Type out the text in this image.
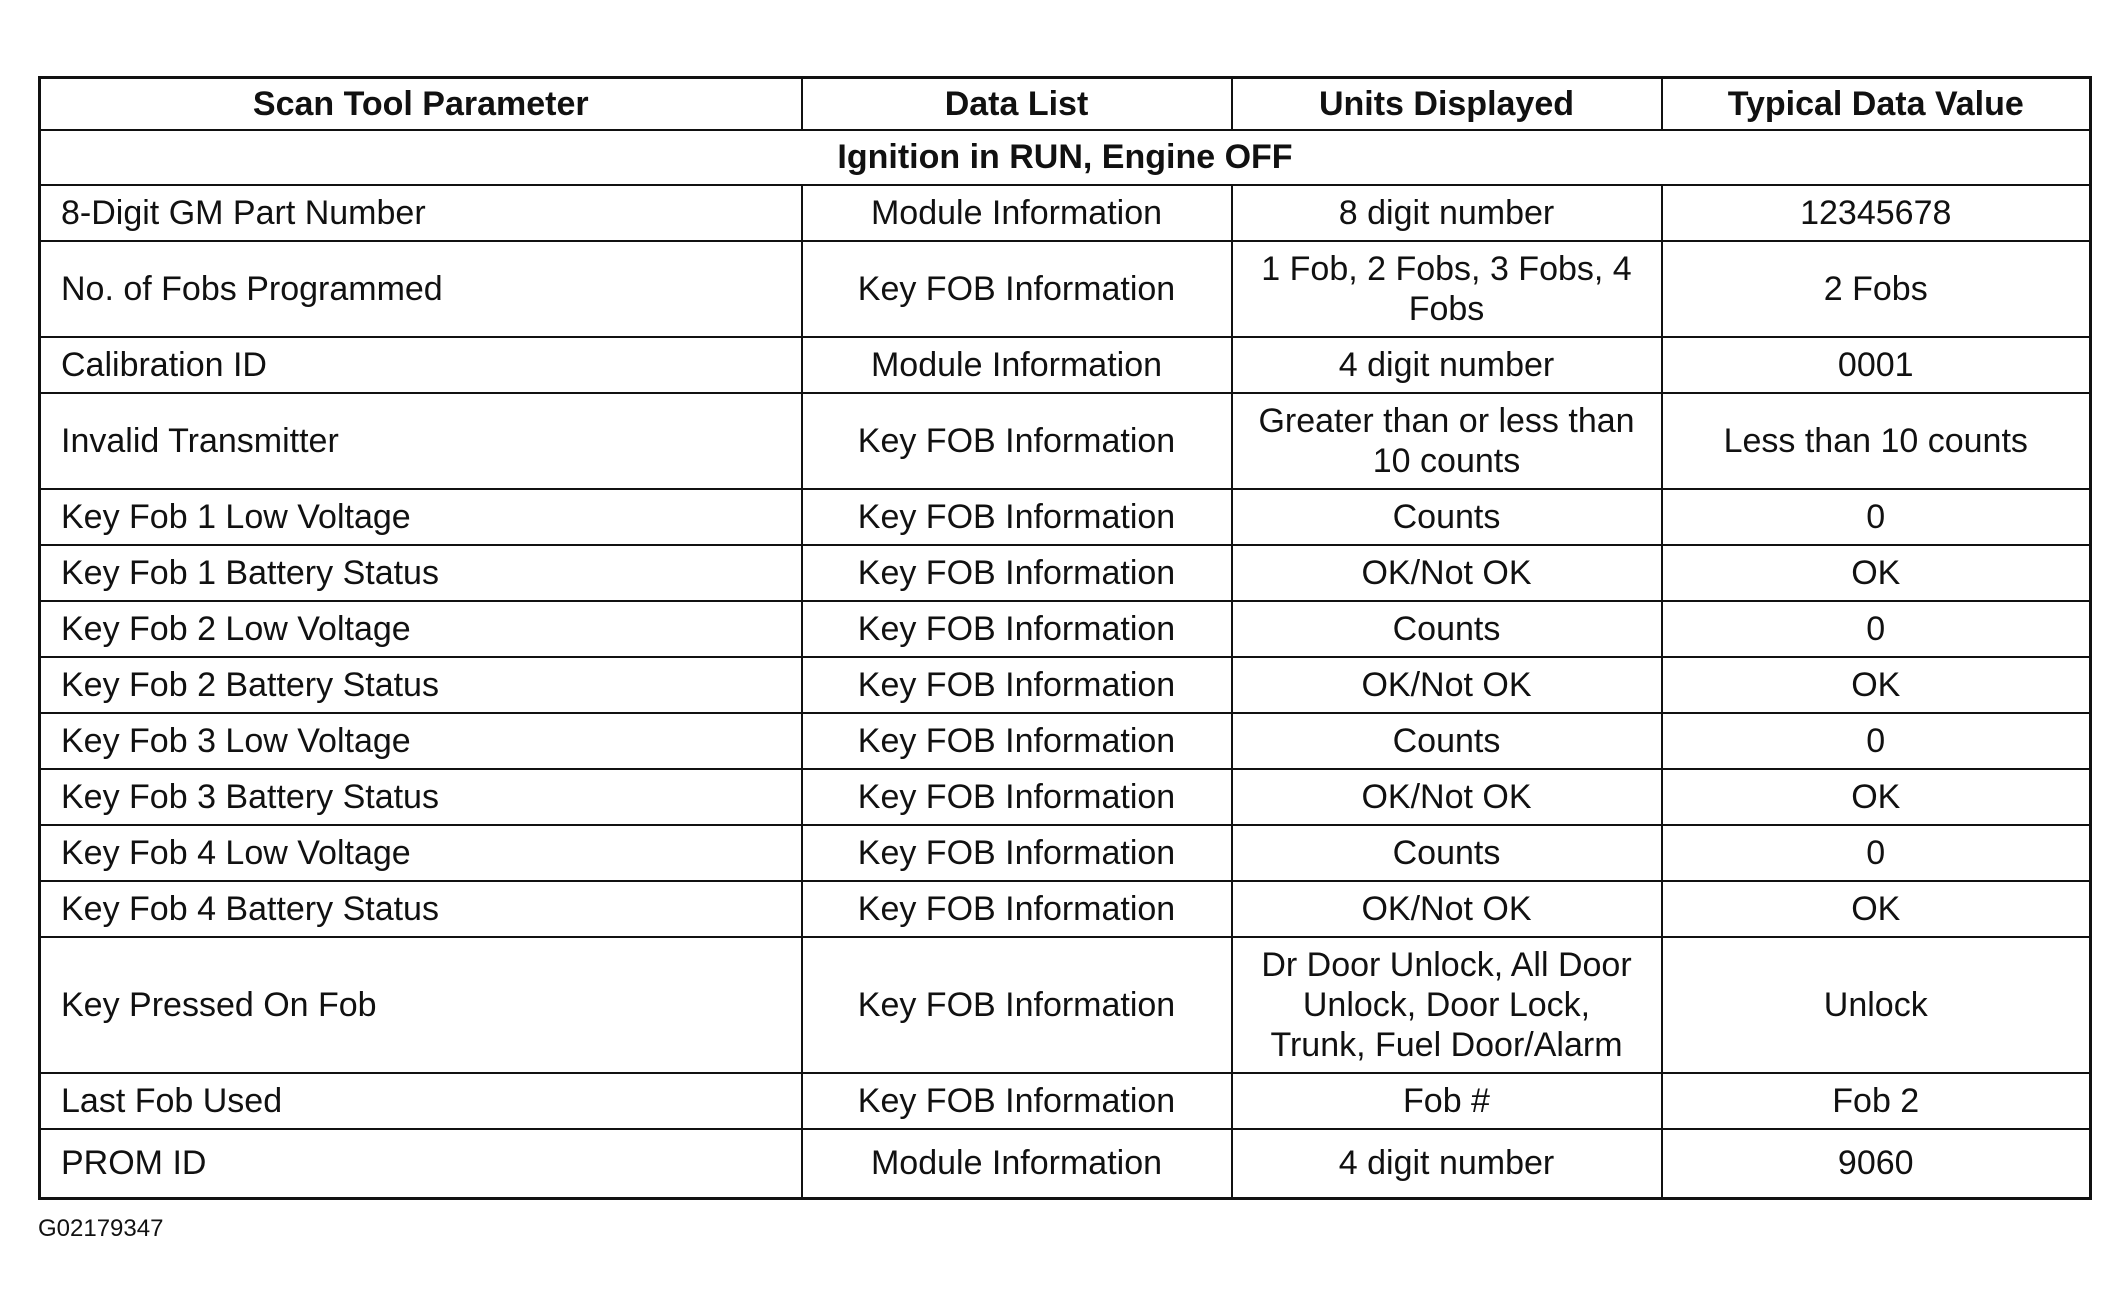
Scan Tool Parameter	Data List	Units Displayed	Typical Data Value
Ignition in RUN, Engine OFF			
8-Digit GM Part Number	Module Information	8 digit number	12345678
No. of Fobs Programmed	Key FOB Information	1 Fob, 2 Fobs, 3 Fobs, 4 Fobs	2 Fobs
Calibration ID	Module Information	4 digit number	0001
Invalid Transmitter	Key FOB Information	Greater than or less than 10 counts	Less than 10 counts
Key Fob 1 Low Voltage	Key FOB Information	Counts	0
Key Fob 1 Battery Status	Key FOB Information	OK/Not OK	OK
Key Fob 2 Low Voltage	Key FOB Information	Counts	0
Key Fob 2 Battery Status	Key FOB Information	OK/Not OK	OK
Key Fob 3 Low Voltage	Key FOB Information	Counts	0
Key Fob 3 Battery Status	Key FOB Information	OK/Not OK	OK
Key Fob 4 Low Voltage	Key FOB Information	Counts	0
Key Fob 4 Battery Status	Key FOB Information	OK/Not OK	OK
Key Pressed On Fob	Key FOB Information	Dr Door Unlock, All Door Unlock, Door Lock, Trunk, Fuel Door/Alarm	Unlock
Last Fob Used	Key FOB Information	Fob #	Fob 2
PROM ID	Module Information	4 digit number	9060
G02179347
